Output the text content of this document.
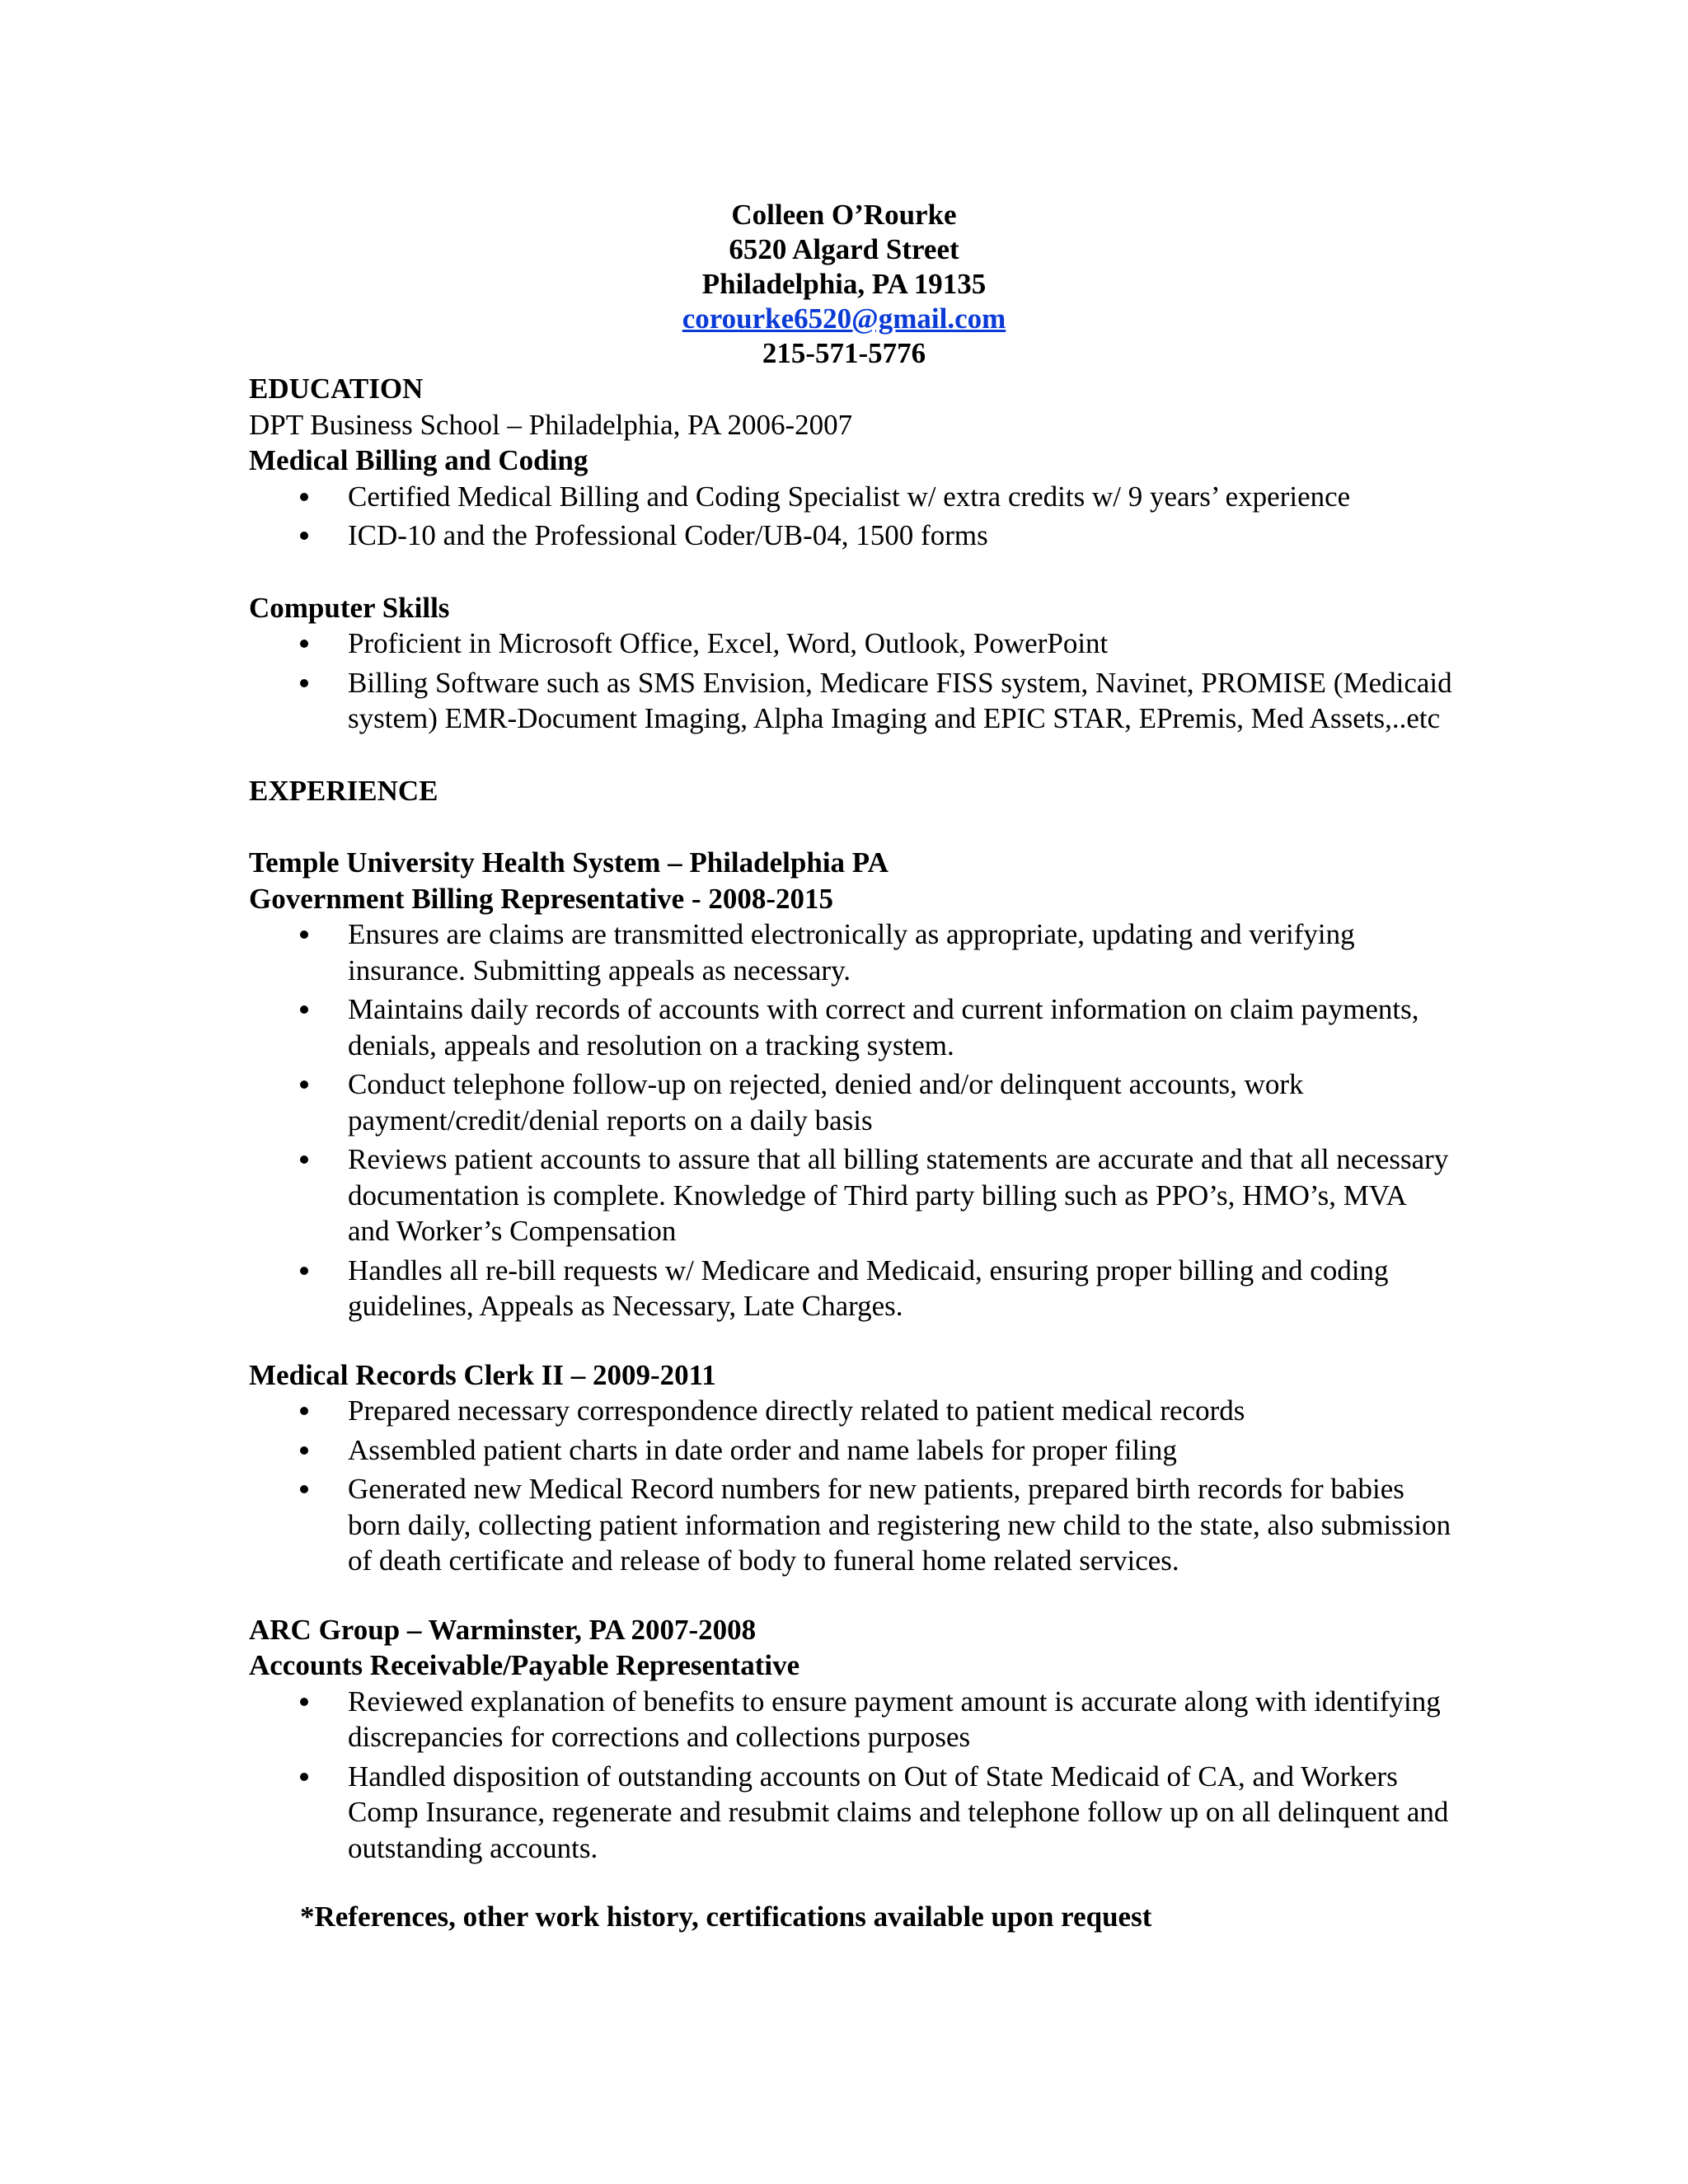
Colleen O’Rourke
6520 Algard Street
Philadelphia, PA 19135
corourke6520@gmail.com
215-571-5776
EDUCATION
DPT Business School – Philadelphia, PA 2006-2007
Medical Billing and Coding
Certified Medical Billing and Coding Specialist w/ extra credits w/ 9 years’ experience
ICD-10 and the Professional Coder/UB-04, 1500 forms
Computer Skills
Proficient in Microsoft Office, Excel, Word, Outlook, PowerPoint
Billing Software such as SMS Envision, Medicare FISS system, Navinet, PROMISE (Medicaid system) EMR-Document Imaging, Alpha Imaging and EPIC STAR, EPremis, Med Assets,..etc
EXPERIENCE
Temple University Health System – Philadelphia PA
Government Billing Representative - 2008-2015
Ensures are claims are transmitted electronically as appropriate, updating and verifying insurance. Submitting appeals as necessary.
Maintains daily records of accounts with correct and current information on claim payments, denials, appeals and resolution on a tracking system.
Conduct telephone follow-up on rejected, denied and/or delinquent accounts, work payment/credit/denial reports on a daily basis
Reviews patient accounts to assure that all billing statements are accurate and that all necessary documentation is complete. Knowledge of Third party billing such as PPO’s, HMO’s, MVA and Worker’s Compensation
Handles all re-bill requests w/ Medicare and Medicaid, ensuring proper billing and coding guidelines, Appeals as Necessary, Late Charges.
Medical Records Clerk II – 2009-2011
Prepared necessary correspondence directly related to patient medical records
Assembled patient charts in date order and name labels for proper filing
Generated new Medical Record numbers for new patients, prepared birth records for babies born daily, collecting patient information and registering new child to the state, also submission of death certificate and release of body to funeral home related services.
ARC Group – Warminster, PA 2007-2008
Accounts Receivable/Payable Representative
Reviewed explanation of benefits to ensure payment amount is accurate along with identifying discrepancies for corrections and collections purposes
Handled disposition of outstanding accounts on Out of State Medicaid of CA, and Workers Comp Insurance, regenerate and resubmit claims and telephone follow up on all delinquent and outstanding accounts.
*References, other work history, certifications available upon request
